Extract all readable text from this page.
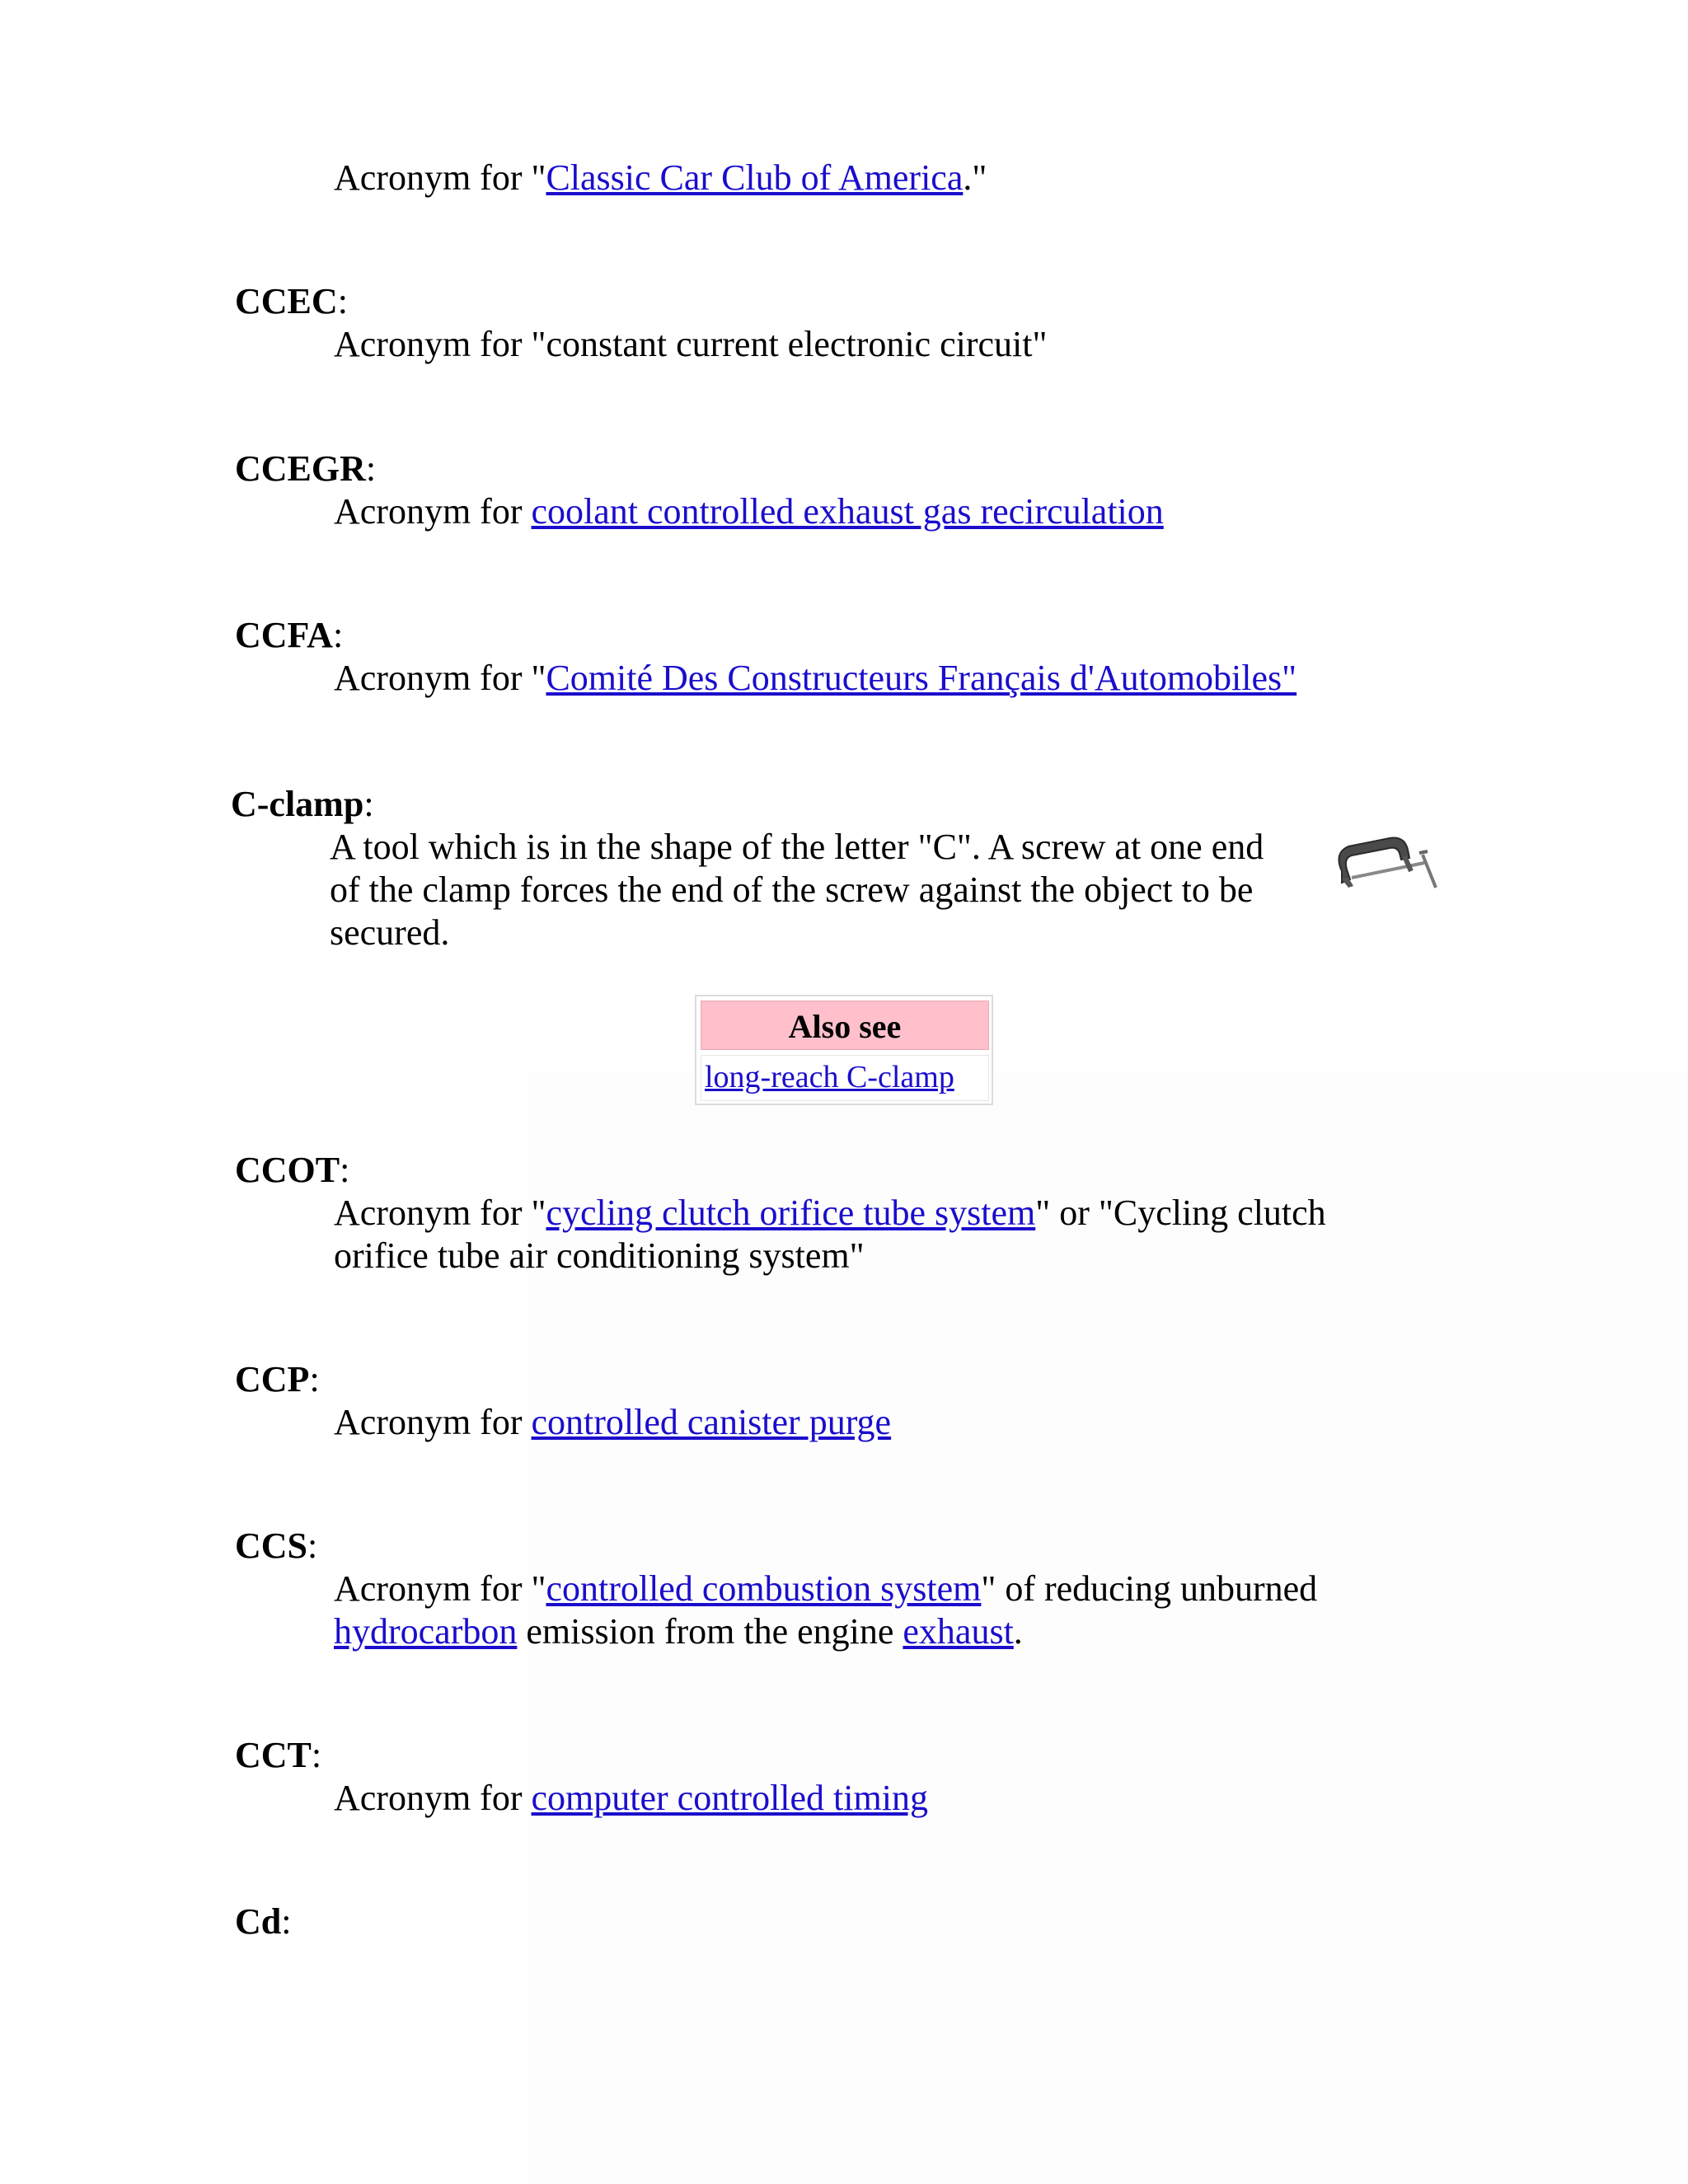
Acronym for "Classic Car Club of America."
CCEC:
Acronym for "constant current electronic circuit"
CCEGR:
Acronym for coolant controlled exhaust gas recirculation
CCFA:
Acronym for "Comité Des Constructeurs Français d'Automobiles"
C-clamp:
A tool which is in the shape of the letter "C". A screw at one end
of the clamp forces the end of the screw against the object to be
secured.
Also see
long-reach C-clamp
CCOT:
Acronym for "cycling clutch orifice tube system" or "Cycling clutch
orifice tube air conditioning system"
CCP:
Acronym for controlled canister purge
CCS:
Acronym for "controlled combustion system" of reducing unburned
hydrocarbon emission from the engine exhaust.
CCT:
Acronym for computer controlled timing
Cd:
